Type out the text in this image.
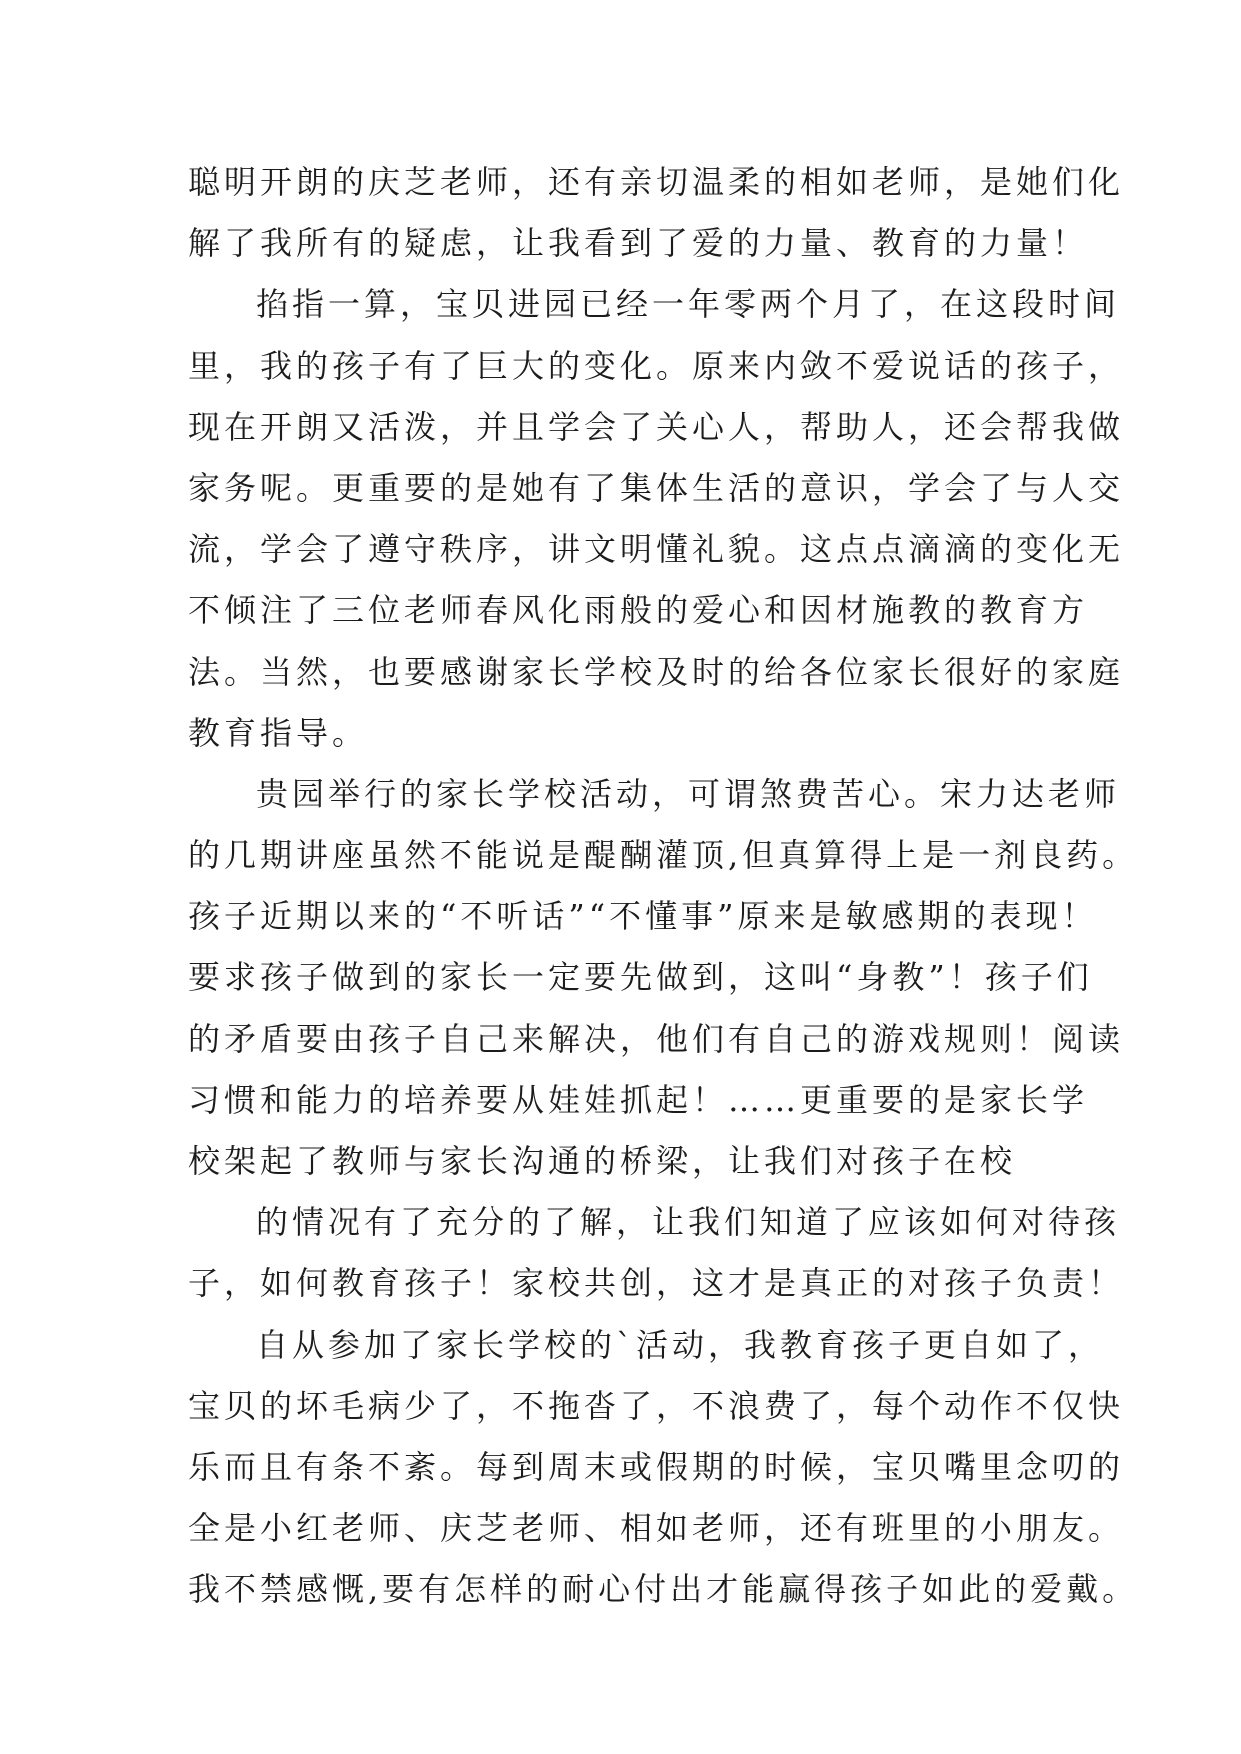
聪明开朗的庆芝老师，还有亲切温柔的相如老师，是她们化
解了我所有的疑虑，让我看到了爱的力量、教育的力量！
掐指一算，宝贝进园已经一年零两个月了，在这段时间
里，我的孩子有了巨大的变化。原来内敛不爱说话的孩子，
现在开朗又活泼，并且学会了关心人，帮助人，还会帮我做
家务呢。更重要的是她有了集体生活的意识，学会了与人交
流，学会了遵守秩序，讲文明懂礼貌。这点点滴滴的变化无
不倾注了三位老师春风化雨般的爱心和因材施教的教育方
法。当然，也要感谢家长学校及时的给各位家长很好的家庭
教育指导。
贵园举行的家长学校活动，可谓煞费苦心。宋力达老师
的几期讲座虽然不能说是醍醐灌顶,但真算得上是一剂良药。
孩子近期以来的“不听话”“不懂事”原来是敏感期的表现！
要求孩子做到的家长一定要先做到，这叫“身教”！孩子们
的矛盾要由孩子自己来解决，他们有自己的游戏规则！阅读
习惯和能力的培养要从娃娃抓起！……更重要的是家长学
校架起了教师与家长沟通的桥梁，让我们对孩子在校
的情况有了充分的了解，让我们知道了应该如何对待孩
子，如何教育孩子！家校共创，这才是真正的对孩子负责！
自从参加了家长学校的`活动，我教育孩子更自如了，
宝贝的坏毛病少了，不拖沓了，不浪费了，每个动作不仅快
乐而且有条不紊。每到周末或假期的时候，宝贝嘴里念叨的
全是小红老师、庆芝老师、相如老师，还有班里的小朋友。
我不禁感慨,要有怎样的耐心付出才能赢得孩子如此的爱戴。
